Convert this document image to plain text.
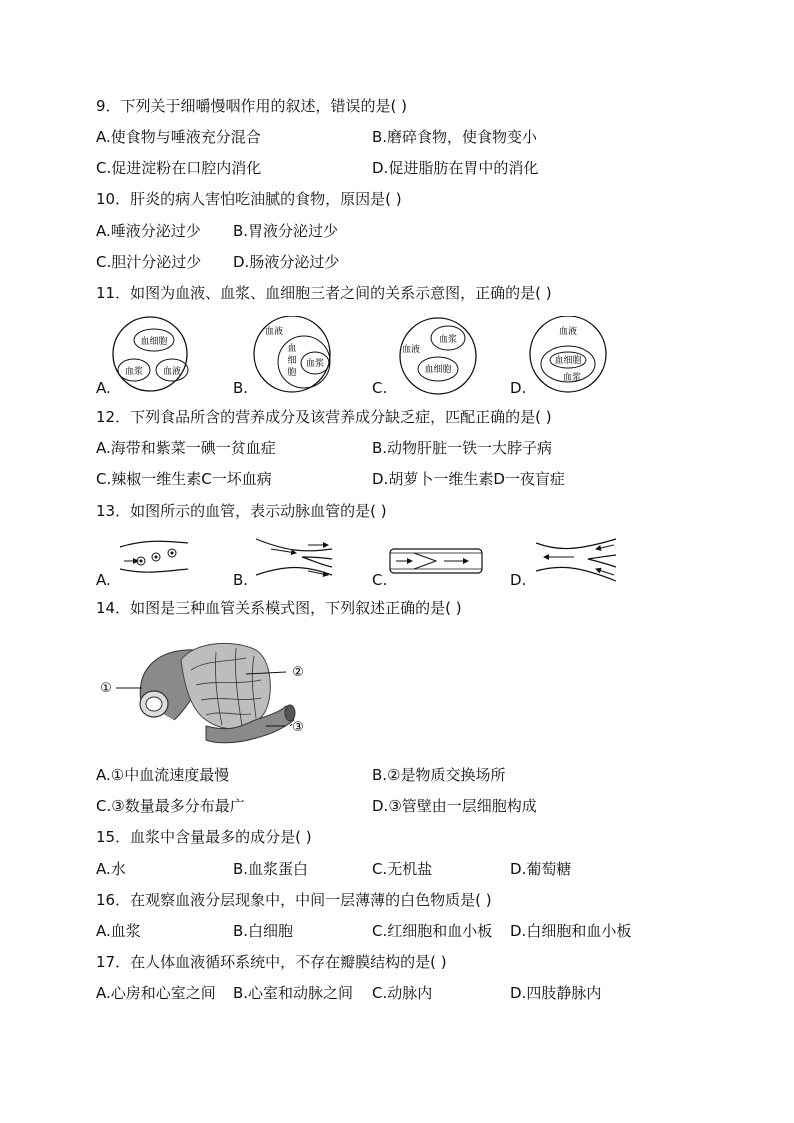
9．下列关于细嚼慢咽作用的叙述，错误的是( )
A.使食物与唾液充分混合	B.磨碎食物，使食物变小
C.促进淀粉在口腔内消化	D.促进脂肪在胃中的消化
10．肝炎的病人害怕吃油腻的食物，原因是( )
A.唾液分泌过少 B.胃液分泌过少
C.胆汁分泌过少 D.肠液分泌过少
11．如图为血液、血浆、血细胞三者之间的关系示意图，正确的是( )
血细胞
血浆 血液
血液
血
细
胞
血浆
血浆
血液
血细胞
血液
血细胞
血浆
A.	B.	C.	D.
12．下列食品所含的营养成分及该营养成分缺乏症，匹配正确的是( )
A.海带和紫菜一碘一贫血症	B.动物肝脏一铁一大脖子病
C.辣椒一维生素C一坏血病	D.胡萝卜一维生素D一夜盲症
13．如图所示的血管，表示动脉血管的是( )
A.	B.	C.	D.
14．如图是三种血管关系模式图，下列叙述正确的是( )
①
②
③
A.①中血流速度最慢	B.②是物质交换场所
C.③数量最多分布最广	D.③管壁由一层细胞构成
15．血浆中含量最多的成分是( )
A.水	B.血浆蛋白	C.无机盐	D.葡萄糖
16．在观察血液分层现象中，中间一层薄薄的白色物质是( )
A.血浆	B.白细胞	C.红细胞和血小板 D.白细胞和血小板
17．在人体血液循环系统中，不存在瓣膜结构的是( )
A.心房和心室之间 B.心室和动脉之间 C.动脉内	D.四肢静脉内
